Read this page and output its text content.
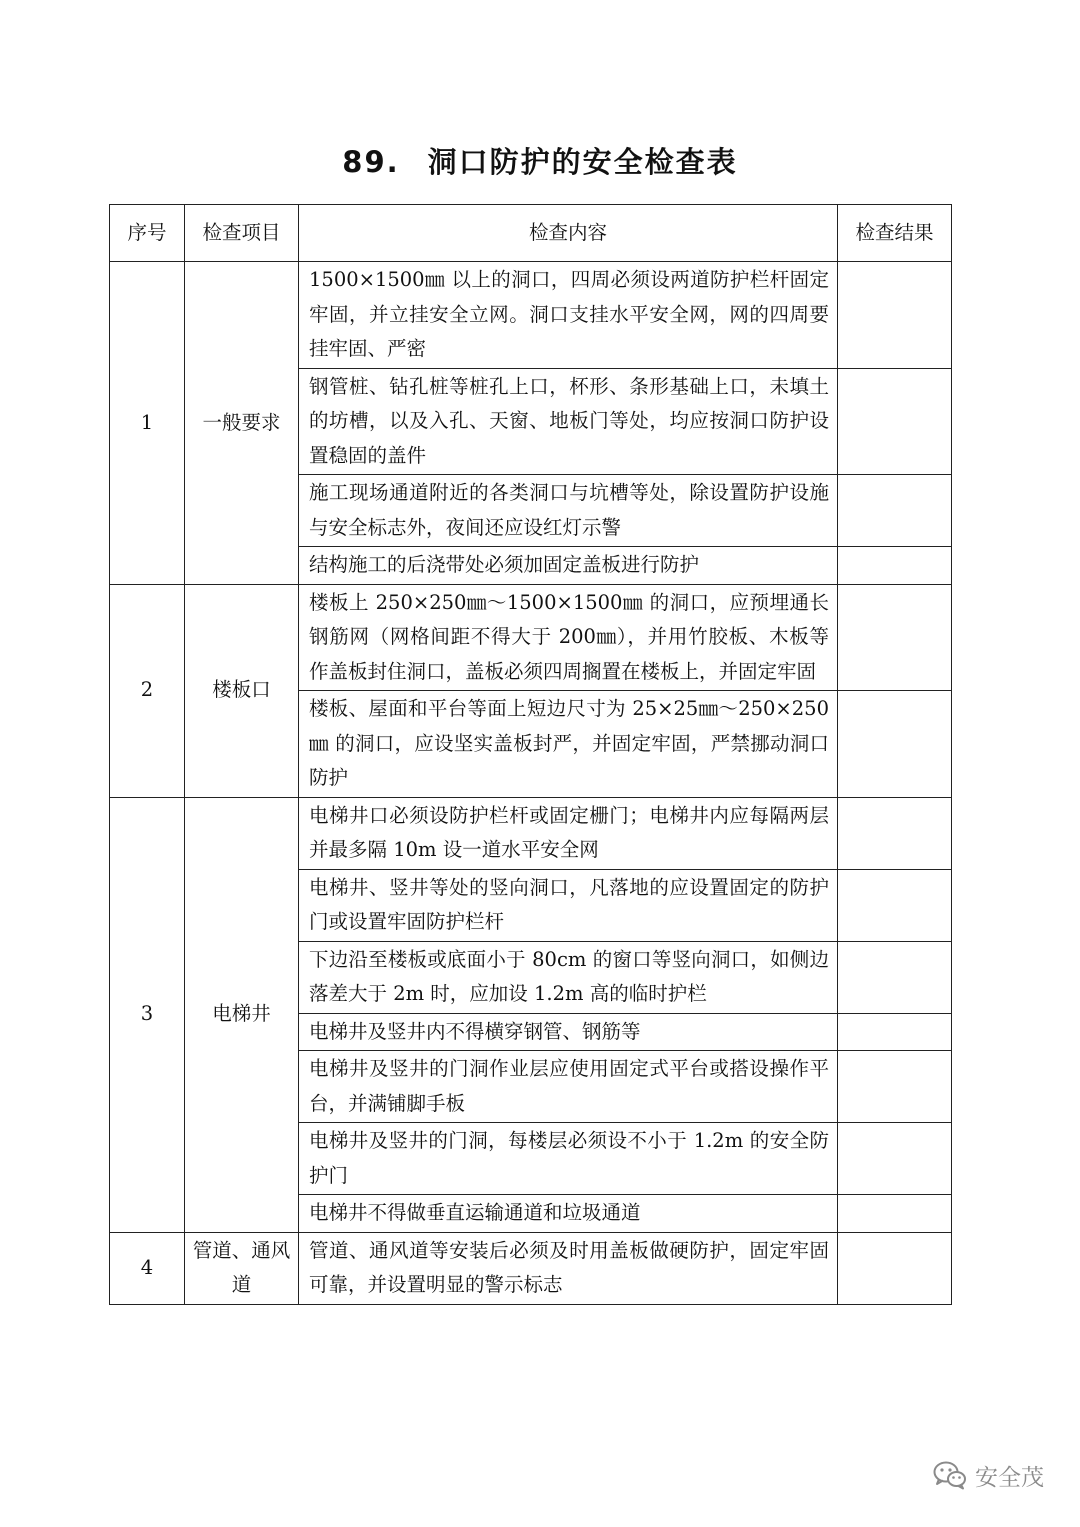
89. 洞口防护的安全检查表
序号	检查项目	检查内容	检查结果
1	一般要求	1500×1500㎜ 以上的洞口，四周必须设两道防护栏杆固定牢固，并立挂安全立网。洞口支挂水平安全网，网的四周要挂牢固、严密	
		钢管桩、钻孔桩等桩孔上口，杯形、条形基础上口，未填土的坊槽，以及入孔、天窗、地板门等处，均应按洞口防护设置稳固的盖件	
		施工现场通道附近的各类洞口与坑槽等处，除设置防护设施与安全标志外，夜间还应设红灯示警	
		结构施工的后浇带处必须加固定盖板进行防护	
2	楼板口	楼板上 250×250㎜～1500×1500㎜ 的洞口，应预埋通长钢筋网（网格间距不得大于 200㎜），并用竹胶板、木板等作盖板封住洞口，盖板必须四周搁置在楼板上，并固定牢固	
		楼板、屋面和平台等面上短边尺寸为 25×25㎜～250×250㎜ 的洞口，应设坚实盖板封严，并固定牢固，严禁挪动洞口防护	
3	电梯井	电梯井口必须设防护栏杆或固定栅门；电梯井内应每隔两层并最多隔 10m 设一道水平安全网	
		电梯井、竖井等处的竖向洞口，凡落地的应设置固定的防护门或设置牢固防护栏杆	
		下边沿至楼板或底面小于 80cm 的窗口等竖向洞口，如侧边落差大于 2m 时，应加设 1.2m 高的临时护栏	
		电梯井及竖井内不得横穿钢管、钢筋等	
		电梯井及竖井的门洞作业层应使用固定式平台或搭设操作平台，并满铺脚手板	
		电梯井及竖井的门洞，每楼层必须设不小于 1.2m 的安全防护门	
		电梯井不得做垂直运输通道和垃圾通道	
4	管道、通风道	管道、通风道等安装后必须及时用盖板做硬防护，固定牢固可靠，并设置明显的警示标志	
安全茂
